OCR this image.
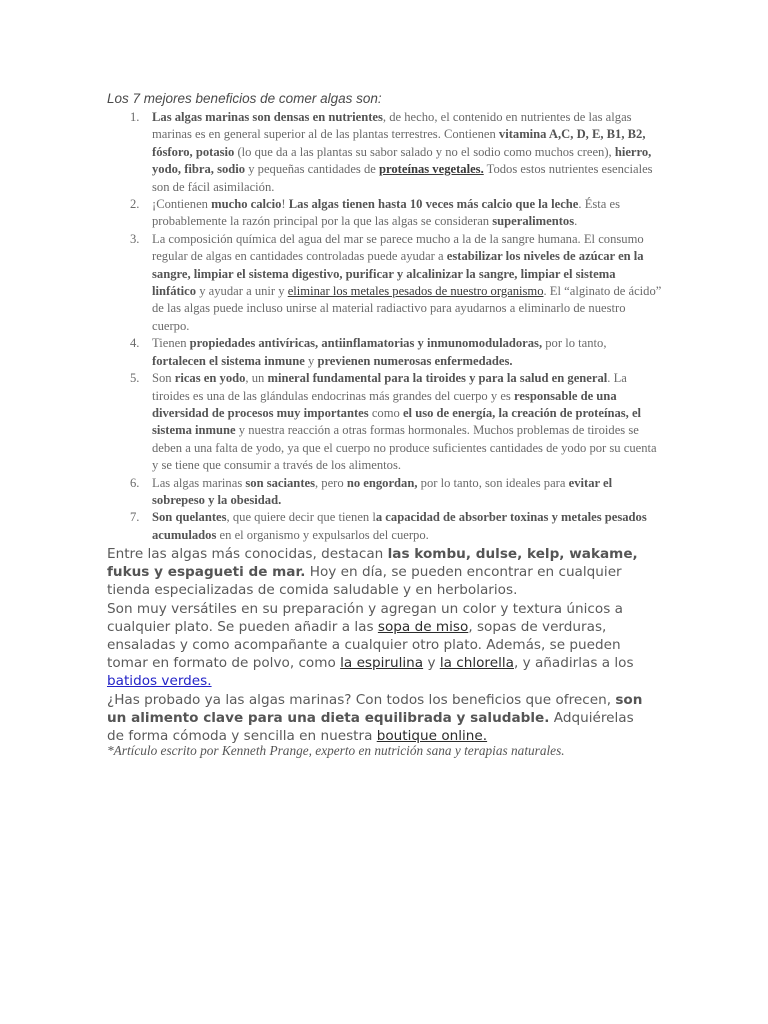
Los 7 mejores beneficios de comer algas son:

1. Las algas marinas son densas en nutrientes, de hecho, el contenido en nutrientes de las algas marinas es en general superior al de las plantas terrestres. Contienen vitamina A,C, D, E, B1, B2, fósforo, potasio (lo que da a las plantas su sabor salado y no el sodio como muchos creen), hierro, yodo, fibra, sodio y pequeñas cantidades de proteínas vegetales. Todos estos nutrientes esenciales son de fácil asimilación.
2. ¡Contienen mucho calcio! Las algas tienen hasta 10 veces más calcio que la leche. Ésta es probablemente la razón principal por la que las algas se consideran superalimentos.
3. La composición química del agua del mar se parece mucho a la de la sangre humana. El consumo regular de algas en cantidades controladas puede ayudar a estabilizar los niveles de azúcar en la sangre, limpiar el sistema digestivo, purificar y alcalinizar la sangre, limpiar el sistema linfático y ayudar a unir y eliminar los metales pesados de nuestro organismo. El “alginato de ácido” de las algas puede incluso unirse al material radiactivo para ayudarnos a eliminarlo de nuestro cuerpo.
4. Tienen propiedades antivíricas, antiinflamatorias y inmunomoduladoras, por lo tanto, fortalecen el sistema inmune y previenen numerosas enfermedades.
5. Son ricas en yodo, un mineral fundamental para la tiroides y para la salud en general. La tiroides es una de las glándulas endocrinas más grandes del cuerpo y es responsable de una diversidad de procesos muy importantes como el uso de energía, la creación de proteínas, el sistema inmune y nuestra reacción a otras formas hormonales. Muchos problemas de tiroides se deben a una falta de yodo, ya que el cuerpo no produce suficientes cantidades de yodo por su cuenta y se tiene que consumir a través de los alimentos.
6. Las algas marinas son saciantes, pero no engordan, por lo tanto, son ideales para evitar el sobrepeso y la obesidad.
7. Son quelantes, que quiere decir que tienen la capacidad de absorber toxinas y metales pesados acumulados en el organismo y expulsarlos del cuerpo.

Entre las algas más conocidas, destacan las kombu, dulse, kelp, wakame, fukus y espagueti de mar. Hoy en día, se pueden encontrar en cualquier tienda especializadas de comida saludable y en herbolarios.

Son muy versátiles en su preparación y agregan un color y textura únicos a cualquier plato. Se pueden añadir a las sopa de miso, sopas de verduras, ensaladas y como acompañante a cualquier otro plato. Además, se pueden tomar en formato de polvo, como la espirulina y la chlorella, y añadirlas a los batidos verdes.

¿Has probado ya las algas marinas? Con todos los beneficios que ofrecen, son un alimento clave para una dieta equilibrada y saludable. Adquiérelas de forma cómoda y sencilla en nuestra boutique online.

*Artículo escrito por Kenneth Prange, experto en nutrición sana y terapias naturales.
